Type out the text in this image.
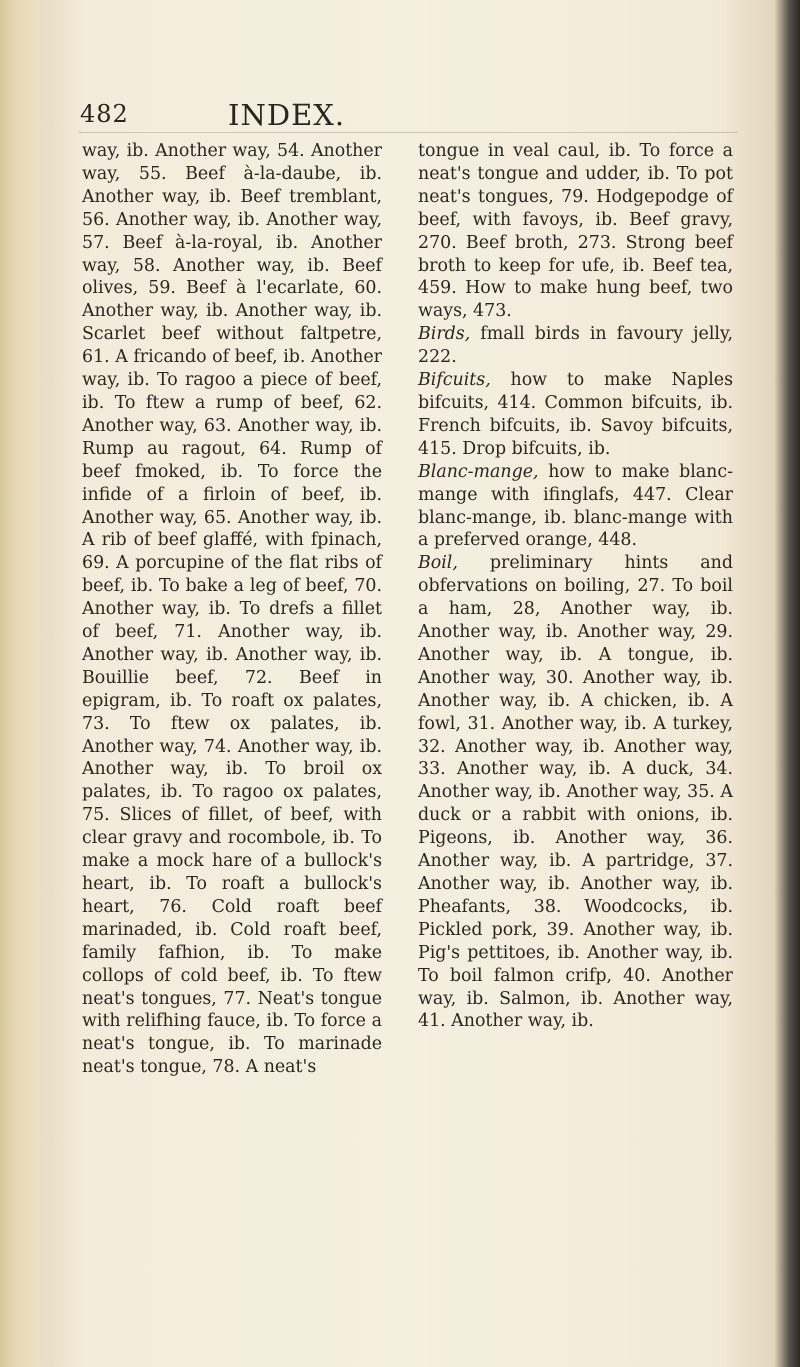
482	INDEX.

way, ib. Another way, 54. Another way, 55. Beef à-la-daube, ib. Another way, ib. Beef tremblant, 56. Another way, ib. Another way, 57. Beef à-la-royal, ib. Another way, 58. Another way, ib. Beef olives, 59. Beef à l'ecarlate, 60. Another way, ib. Another way, ib. Scarlet beef without faltpetre, 61. A fricando of beef, ib. Another way, ib. To ragoo a piece of beef, ib. To ftew a rump of beef, 62. Another way, 63. Another way, ib. Rump au ragout, 64. Rump of beef fmoked, ib. To force the infide of a firloin of beef, ib. Another way, 65. Another way, ib. A rib of beef glaffé, with fpinach, 69. A porcupine of the flat ribs of beef, ib. To bake a leg of beef, 70. Another way, ib. To drefs a fillet of beef, 71. Another way, ib. Another way, ib. Another way, ib. Bouillie beef, 72. Beef in epigram, ib. To roaft ox palates, 73. To ftew ox palates, ib. Another way, 74. Another way, ib. Another way, ib. To broil ox palates, ib. To ragoo ox palates, 75. Slices of fillet, of beef, with clear gravy and rocombole, ib. To make a mock hare of a bullock's heart, ib. To roaft a bullock's heart, 76. Cold roaft beef marinaded, ib. Cold roaft beef, family fafhion, ib. To make collops of cold beef, ib. To ftew neat's tongues, 77. Neat's tongue with relifhing fauce, ib. To force a neat's tongue, ib. To marinade neat's tongue, 78. A neat's

tongue in veal caul, ib. To force a neat's tongue and udder, ib. To pot neat's tongues, 79. Hodgepodge of beef, with favoys, ib. Beef gravy, 270. Beef broth, 273. Strong beef broth to keep for ufe, ib. Beef tea, 459. How to make hung beef, two ways, 473.

Birds, fmall birds in favoury jelly, 222.

Bifcuits, how to make Naples bifcuits, 414. Common bifcuits, ib. French bifcuits, ib. Savoy bifcuits, 415. Drop bifcuits, ib.

Blanc-mange, how to make blanc-mange with ifinglafs, 447. Clear blanc-mange, ib. blanc-mange with a preferved orange, 448.

Boil, preliminary hints and obfervations on boiling, 27. To boil a ham, 28, Another way, ib. Another way, ib. Another way, 29. Another way, ib. A tongue, ib. Another way, 30. Another way, ib. Another way, ib. A chicken, ib. A fowl, 31. Another way, ib. A turkey, 32. Another way, ib. Another way, 33. Another way, ib. A duck, 34. Another way, ib. Another way, 35. A duck or a rabbit with onions, ib. Pigeons, ib. Another way, 36. Another way, ib. A partridge, 37. Another way, ib. Another way, ib. Pheafants, 38. Woodcocks, ib. Pickled pork, 39. Another way, ib. Pig's pettitoes, ib. Another way, ib. To boil falmon crifp, 40. Another way, ib. Salmon, ib. Another way, 41. Another way, ib.
